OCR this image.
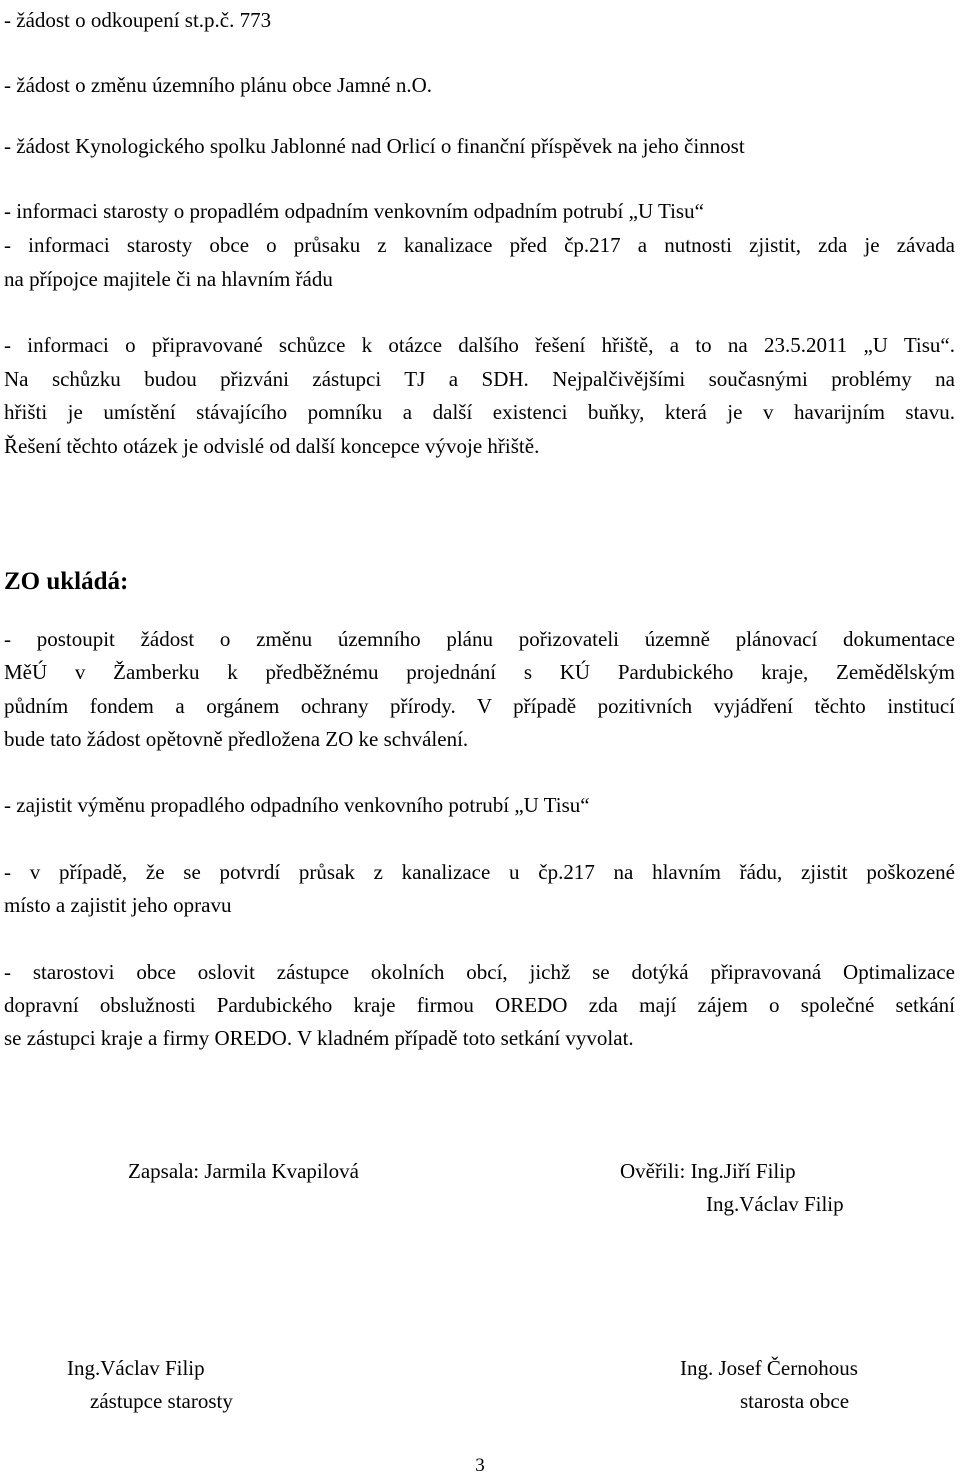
- žádost o odkoupení st.p.č. 773
- žádost o změnu územního plánu obce Jamné n.O.
- žádost Kynologického spolku Jablonné nad Orlicí o finanční příspěvek na jeho činnost
- informaci starosty o propadlém odpadním venkovním odpadním potrubí „U Tisu“
- informaci starosty obce o průsaku z kanalizace před čp.217 a nutnosti zjistit, zda je závada
na přípojce majitele či na hlavním řádu
- informaci o připravované schůzce k otázce dalšího řešení hřiště, a to na 23.5.2011 „U Tisu“.
Na schůzku budou přizváni zástupci TJ a SDH. Nejpalčivějšími současnými problémy na
hřišti je umístění stávajícího pomníku a další existenci buňky, která je v havarijním stavu.
Řešení těchto otázek je odvislé od další koncepce vývoje hřiště.
ZO ukládá:
- postoupit žádost o změnu územního plánu pořizovateli územně plánovací dokumentace
MěÚ v Žamberku k předběžnému projednání s KÚ Pardubického kraje, Zemědělským
půdním fondem a orgánem ochrany přírody. V případě pozitivních vyjádření těchto institucí
bude tato žádost opětovně předložena ZO ke schválení.
- zajistit výměnu propadlého odpadního venkovního potrubí „U Tisu“
- v případě, že se potvrdí průsak z kanalizace u čp.217 na hlavním řádu, zjistit poškozené
místo a zajistit jeho opravu
- starostovi obce oslovit zástupce okolních obcí, jichž se dotýká připravovaná Optimalizace
dopravní obslužnosti Pardubického kraje firmou OREDO zda mají zájem o společné setkání
se zástupci kraje a firmy OREDO. V kladném případě toto setkání vyvolat.
Zapsala: Jarmila Kvapilová	Ověřili: Ing.Jiří Filip
Ing.Václav Filip
Ing.Václav Filip
zástupce starosty
Ing. Josef Černohous
starosta obce
3
